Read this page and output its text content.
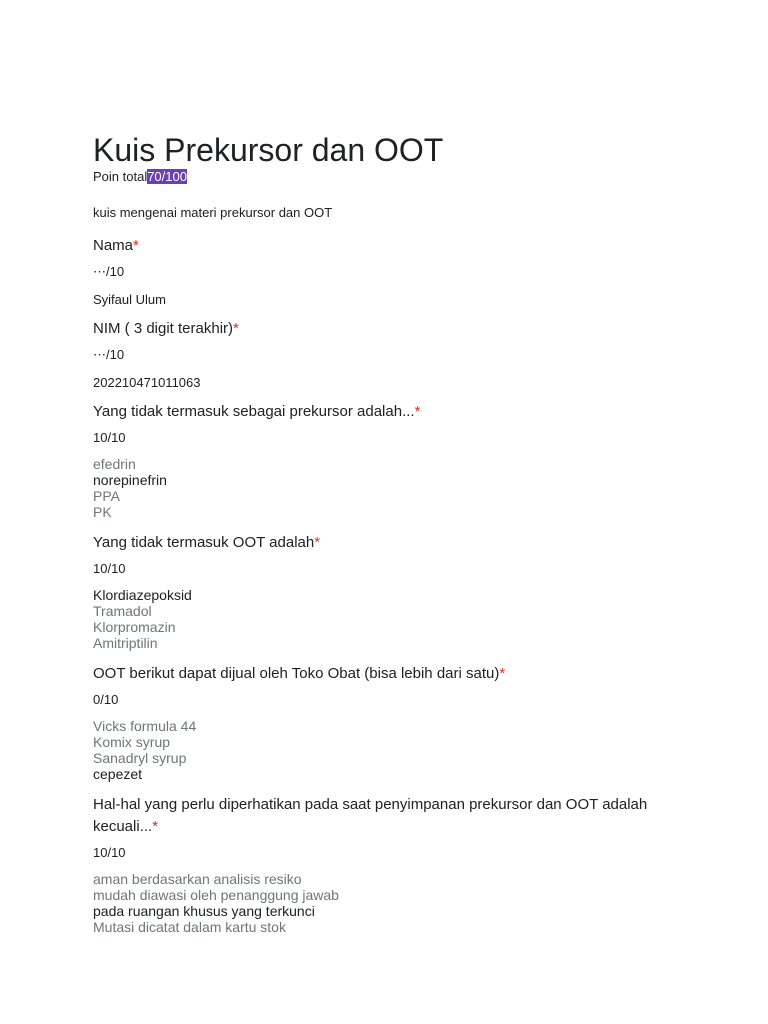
Kuis Prekursor dan OOT
Poin total70/100
kuis mengenai materi prekursor dan OOT
Nama*
⋯/10
Syifaul Ulum
NIM ( 3 digit terakhir)*
⋯/10
202210471011063
Yang tidak termasuk sebagai prekursor adalah...*
10/10
efedrin
norepinefrin
PPA
PK
Yang tidak termasuk OOT adalah*
10/10
Klordiazepoksid
Tramadol
Klorpromazin
Amitriptilin
OOT berikut dapat dijual oleh Toko Obat (bisa lebih dari satu)*
0/10
Vicks formula 44
Komix syrup
Sanadryl syrup
cepezet
Hal-hal yang perlu diperhatikan pada saat penyimpanan prekursor dan OOT adalah kecuali...*
10/10
aman berdasarkan analisis resiko
mudah diawasi oleh penanggung jawab
pada ruangan khusus yang terkunci
Mutasi dicatat dalam kartu stok
